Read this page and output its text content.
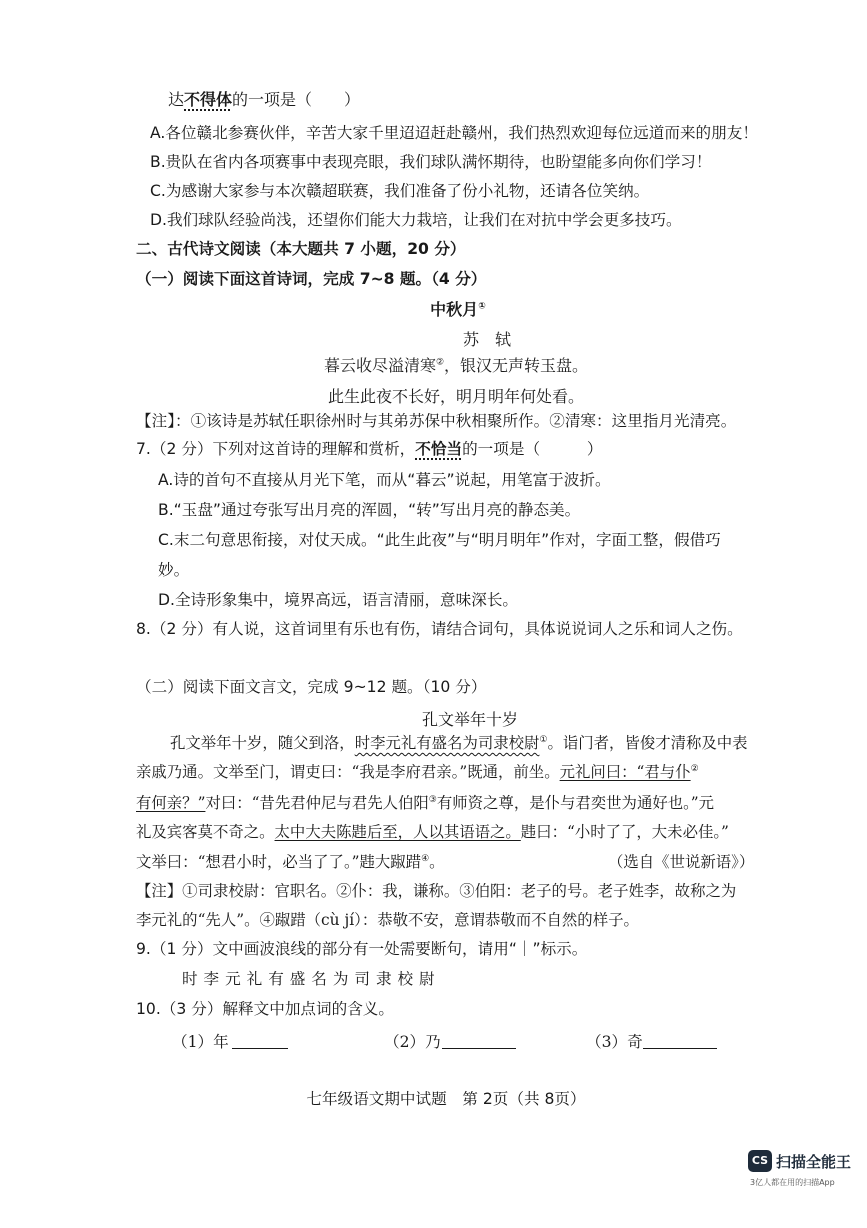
达不得体的一项是（　　）
A.各位赣北参赛伙伴，辛苦大家千里迢迢赶赴赣州，我们热烈欢迎每位远道而来的朋友！
B.贵队在省内各项赛事中表现亮眼，我们球队满怀期待，也盼望能多向你们学习！
C.为感谢大家参与本次赣超联赛，我们准备了份小礼物，还请各位笑纳。
D.我们球队经验尚浅，还望你们能大力栽培，让我们在对抗中学会更多技巧。
二、古代诗文阅读（本大题共 7 小题，20 分）
（一）阅读下面这首诗词，完成 7~8 题。（4 分）
中秋月①
苏　轼
暮云收尽溢清寒②，银汉无声转玉盘。
此生此夜不长好，明月明年何处看。
【注】：①该诗是苏轼任职徐州时与其弟苏保中秋相聚所作。②清寒：这里指月光清亮。
7.（2 分）下列对这首诗的理解和赏析，不恰当的一项是（　　　）
A.诗的首句不直接从月光下笔，而从“暮云”说起，用笔富于波折。
B.“玉盘”通过夸张写出月亮的浑圆，“转”写出月亮的静态美。
C.末二句意思衔接，对仗天成。“此生此夜”与“明月明年”作对，字面工整，假借巧
妙。
D.全诗形象集中，境界高远，语言清丽，意味深长。
8.（2 分）有人说，这首词里有乐也有伤，请结合词句，具体说说词人之乐和词人之伤。
（二）阅读下面文言文，完成 9~12 题。（10 分）
孔文举年十岁
孔文举年十岁，随父到洛，时李元礼有盛名为司隶校尉①。诣门者，皆俊才清称及中表
亲戚乃通。文举至门，谓吏曰：“我是李府君亲。”既通，前坐。元礼问曰：“君与仆②
有何亲？”对曰：“昔先君仲尼与君先人伯阳③有师资之尊，是仆与君奕世为通好也。”元
礼及宾客莫不奇之。太中大夫陈韪后至，人以其语语之。韪曰：“小时了了，大未必佳。”
文举曰：“想君小时，必当了了。”韪大踧踖④。	（选自《世说新语》）
【注】①司隶校尉：官职名。②仆：我，谦称。③伯阳：老子的号。老子姓李，故称之为
李元礼的“先人”。④踧踖（cù jí）：恭敬不安，意谓恭敬而不自然的样子。
9.（1 分）文中画波浪线的部分有一处需要断句，请用“｜”标示。
时 李 元 礼 有 盛 名 为 司 隶 校 尉
10.（3 分）解释文中加点词的含义。
（1）年	（2）乃	（3）奇
七年级语文期中试题　第 2页（共 8页）
CS 扫描全能王
3亿人都在用的扫描App
